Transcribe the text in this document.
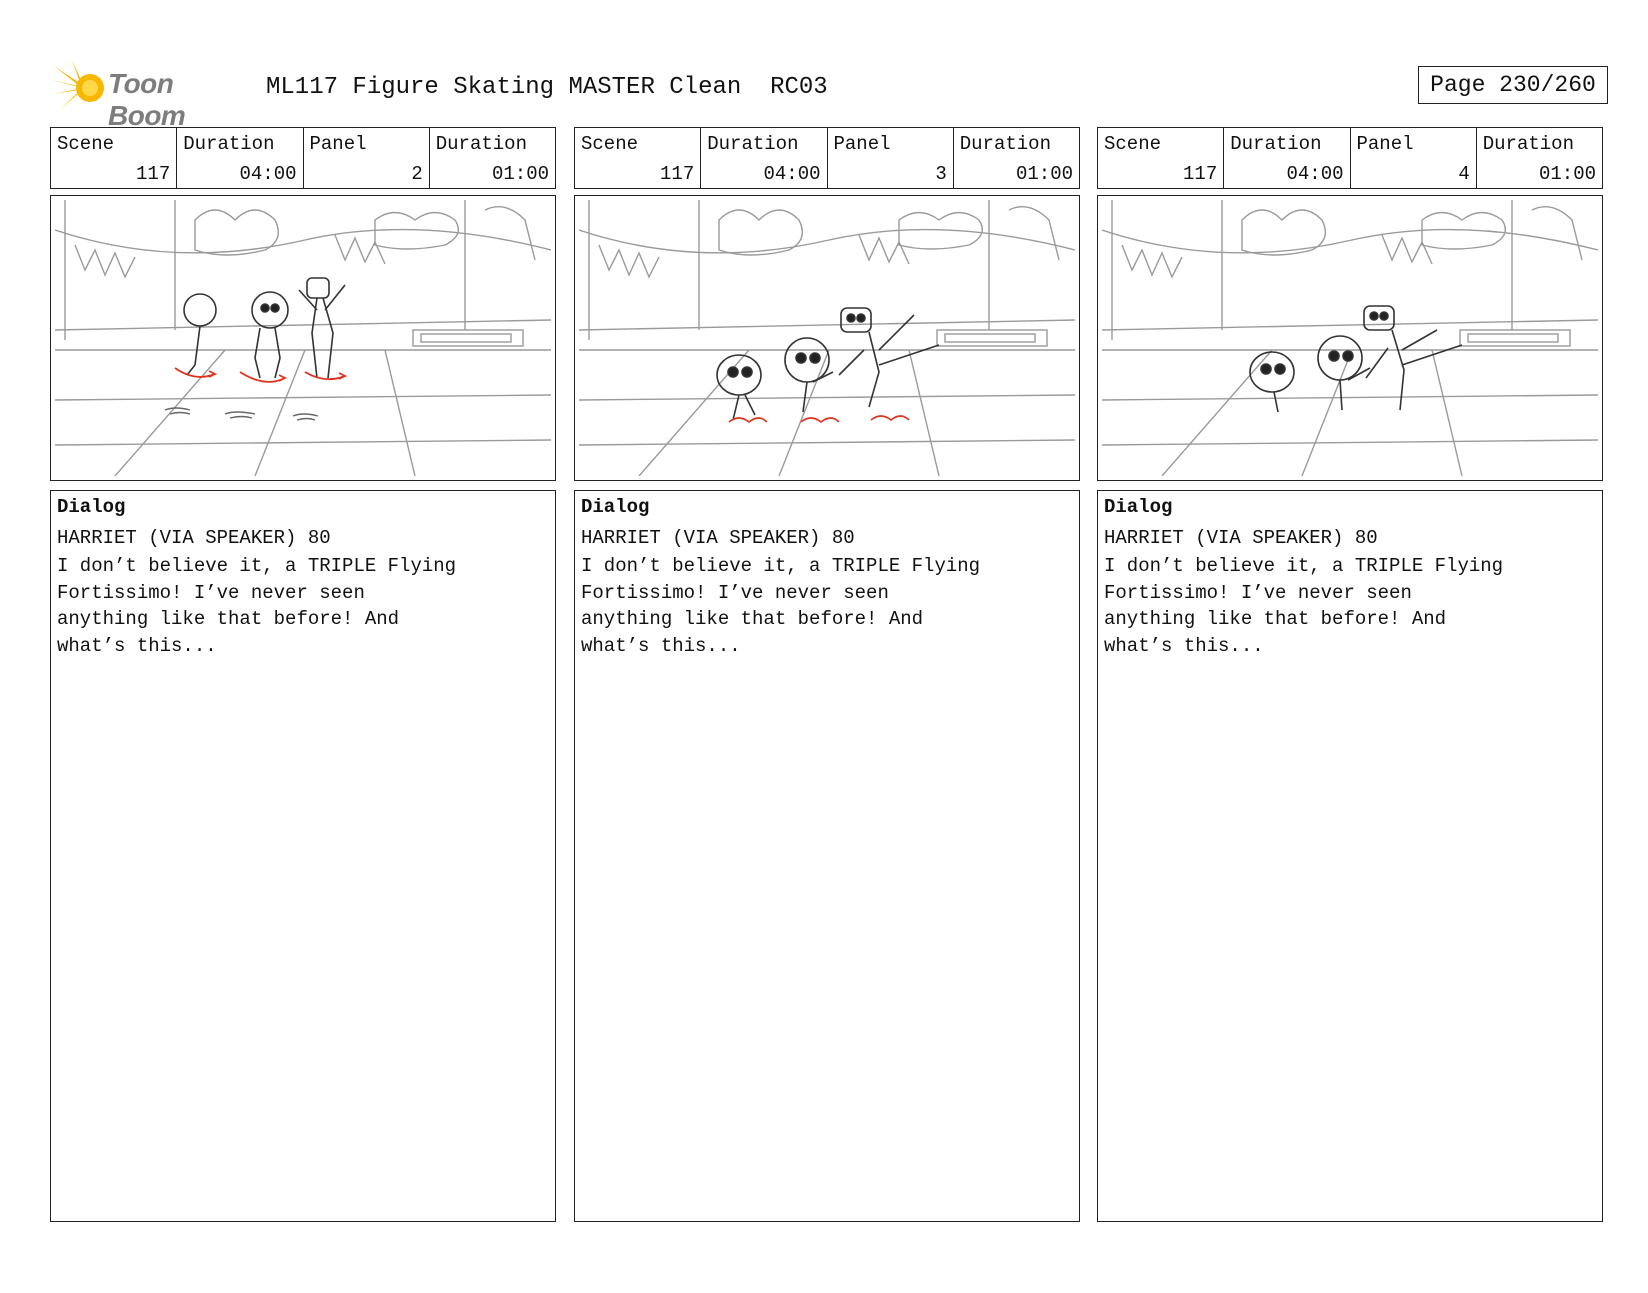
Toon Boom
ML117 Figure Skating MASTER Clean  RC03	Page 230/260
Scene
117
Duration
04:00
Panel
2
Duration
01:00
Dialog
HARRIET (VIA SPEAKER) 80
I don’t believe it, a TRIPLE Flying
Fortissimo! I’ve never seen
anything like that before! And
what’s this...
Scene
117
Duration
04:00
Panel
3
Duration
01:00
Dialog
HARRIET (VIA SPEAKER) 80
I don’t believe it, a TRIPLE Flying
Fortissimo! I’ve never seen
anything like that before! And
what’s this...
Scene
117
Duration
04:00
Panel
4
Duration
01:00
Dialog
HARRIET (VIA SPEAKER) 80
I don’t believe it, a TRIPLE Flying
Fortissimo! I’ve never seen
anything like that before! And
what’s this...
